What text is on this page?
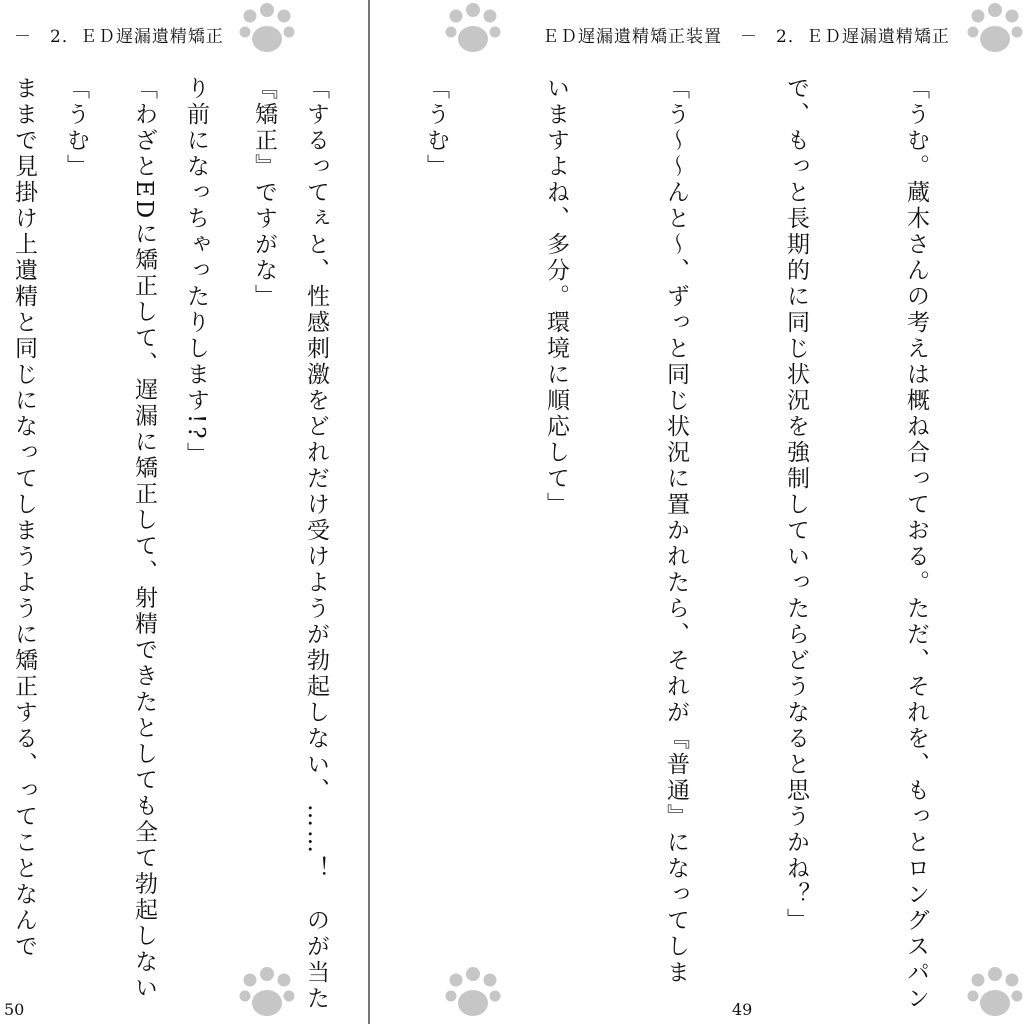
－　2．ＥＤ遅漏遺精矯正

『矯正』ですがな」

「わざとEDに矯正して、遅漏に矯正して、射精できたとしても全て勃起しない

ままで見掛け上遺精と同じになってしまうように矯正する、ってことなんで

50
ＥＤ遅漏遺精矯正装置　－　2．ＥＤ遅漏遺精矯正

「うむ。蔵木さんの考えは概ね合っておる。ただ、それを、もっとロングスパン

で、もっと長期的に同じ状況を強制していったらどうなると思うかね？」

「う〜〜んと〜、ずっと同じ状況に置かれたら、それが『普通』になってしま

いますよね、多分。環境に順応して」

「うむ」

「するってぇと、性感刺激をどれだけ受けようが勃起しない、……！　のが当た

り前になっちゃったりします!?」

「うむ」

49
